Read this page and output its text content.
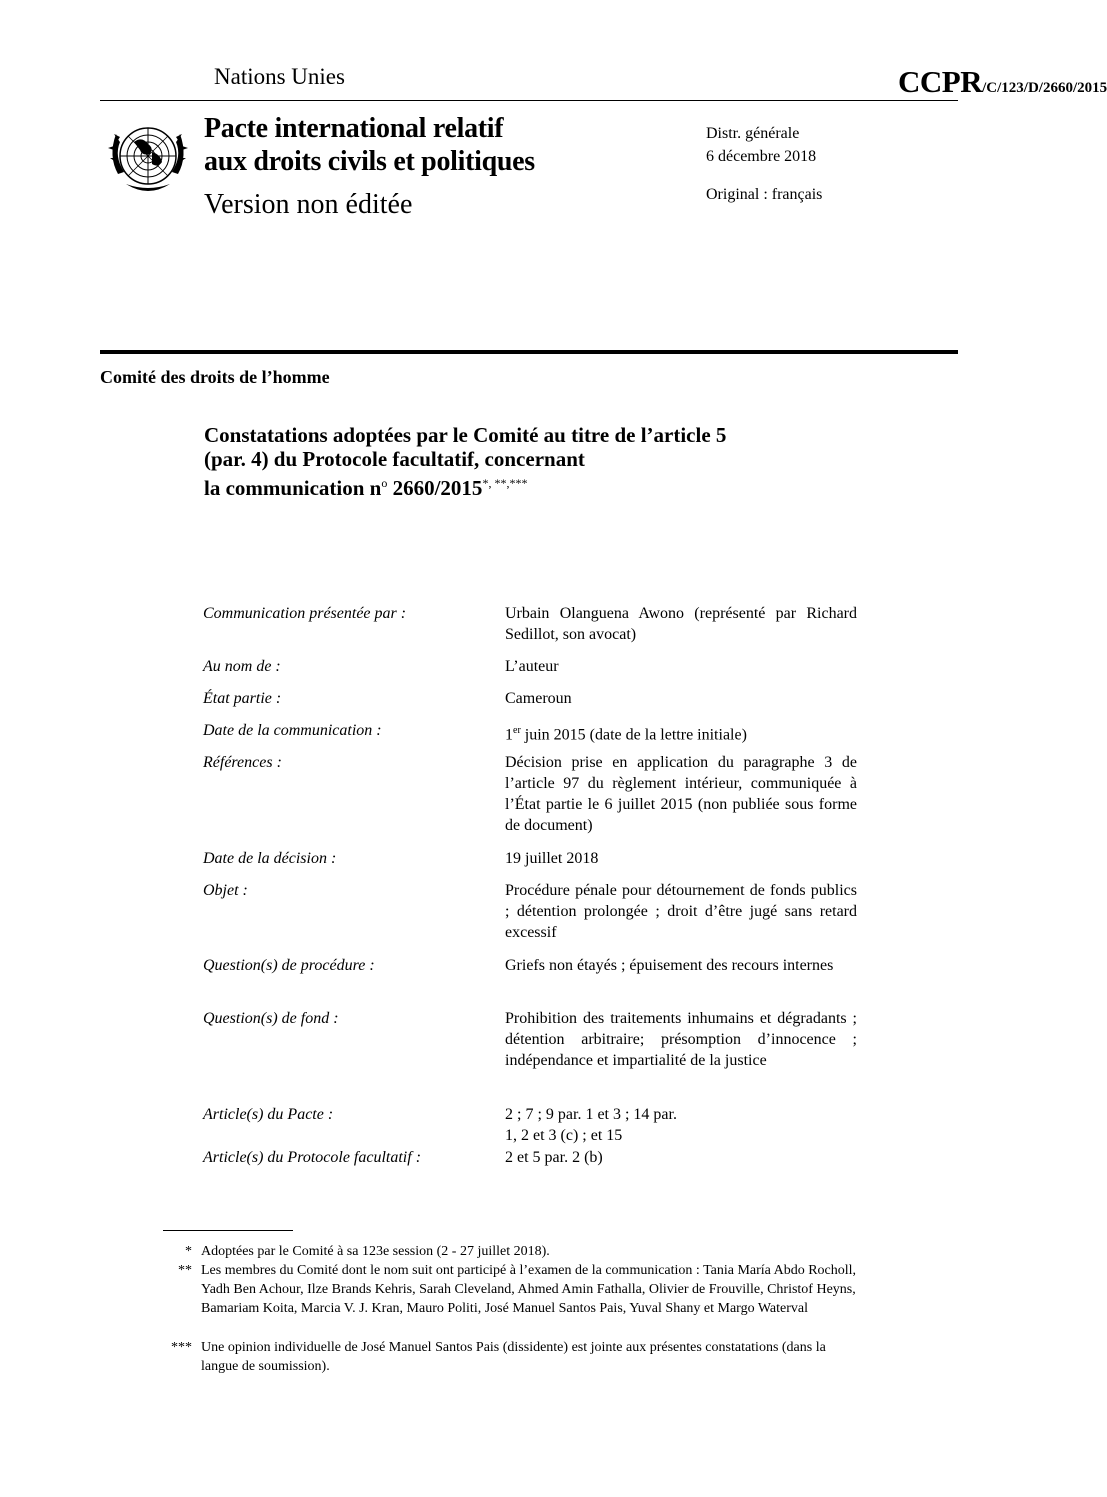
Nations Unies	CCPR/C/123/D/2660/2015
Pacte international relatif
aux droits civils et politiques
Version non éditée
Distr. générale
6 décembre 2018
Original : français
Comité des droits de l’homme
Constatations adoptées par le Comité au titre de l’article 5
(par. 4) du Protocole facultatif, concernant
la communication $n^o$ 2660/2015*, **,***
Communication présentée par :	Urbain Olanguena Awono (représenté par Richard Sedillot, son avocat)
Au nom de :	L’auteur
État partie :	Cameroun
Date de la communication :	1er juin 2015 (date de la lettre initiale)
Références :	Décision prise en application du paragraphe 3 de l’article 97 du règlement intérieur, communiquée à l’État partie le 6 juillet 2015 (non publiée sous forme de document)
Date de la décision :	19 juillet 2018
Objet :	Procédure pénale pour détournement de fonds publics ; détention prolongée ; droit d’être jugé sans retard excessif
Question(s) de procédure :	Griefs non étayés ; épuisement des recours internes
Question(s) de fond :	Prohibition des traitements inhumains et dégradants ; détention arbitraire; présomption d’innocence ; indépendance et impartialité de la justice
Article(s) du Pacte :	2 ; 7 ; 9 par. 1 et 3 ; 14 par.
1, 2 et 3 (c) ; et 15
Article(s) du Protocole facultatif :	2 et 5 par. 2 (b)
* Adoptées par le Comité à sa 123e session (2 - 27 juillet 2018).
** Les membres du Comité dont le nom suit ont participé à l’examen de la communication : Tania María Abdo Rocholl, Yadh Ben Achour, Ilze Brands Kehris, Sarah Cleveland, Ahmed Amin Fathalla, Olivier de Frouville, Christof Heyns, Bamariam Koita, Marcia V. J. Kran, Mauro Politi, José Manuel Santos Pais, Yuval Shany et Margo Waterval
*** Une opinion individuelle de José Manuel Santos Pais (dissidente) est jointe aux présentes constatations (dans la langue de soumission).
